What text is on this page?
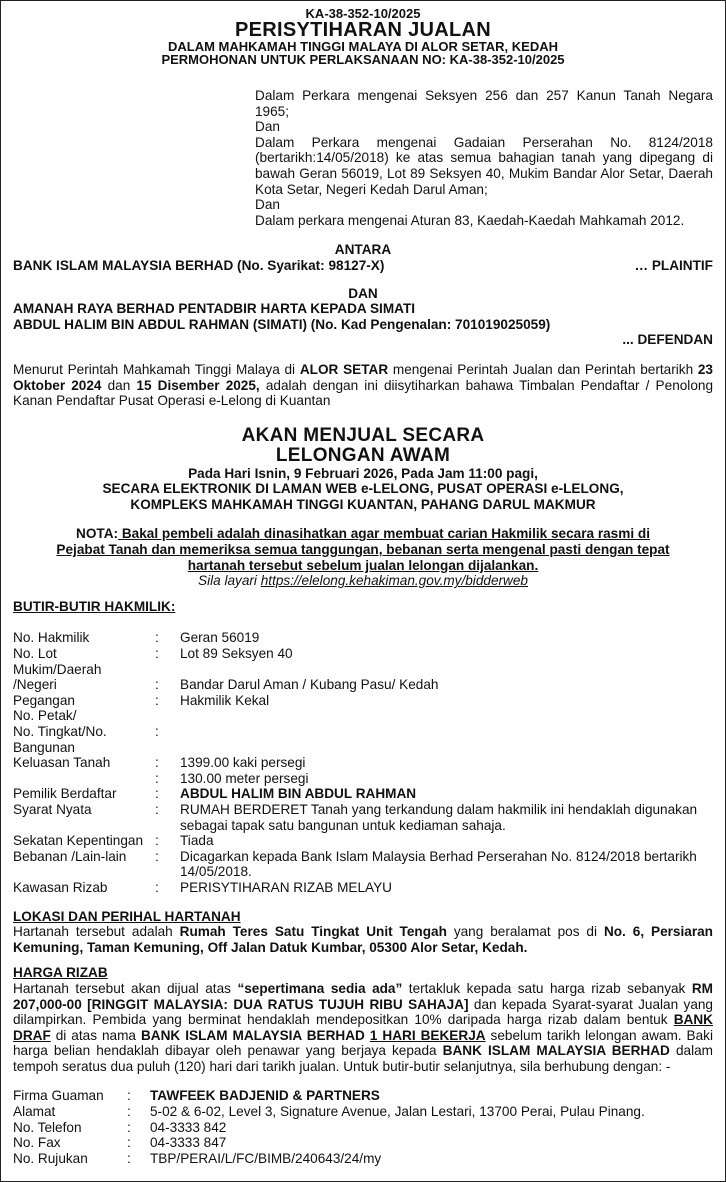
KA-38-352-10/2025
PERISYTIHARAN JUALAN
DALAM MAHKAMAH TINGGI MALAYA DI ALOR SETAR, KEDAH
PERMOHONAN UNTUK PERLAKSANAAN NO: KA-38-352-10/2025
Dalam Perkara mengenai Seksyen 256 dan 257 Kanun Tanah Negara 1965;
Dan
Dalam Perkara mengenai Gadaian Perserahan No. 8124/2018 (bertarikh:14/05/2018) ke atas semua bahagian tanah yang dipegang di bawah Geran 56019, Lot 89 Seksyen 40, Mukim Bandar Alor Setar, Daerah Kota Setar, Negeri Kedah Darul Aman;
Dan
Dalam perkara mengenai Aturan 83, Kaedah-Kaedah Mahkamah 2012.
ANTARA
BANK ISLAM MALAYSIA BERHAD (No. Syarikat: 98127-X)	… PLAINTIF
DAN
AMANAH RAYA BERHAD PENTADBIR HARTA KEPADA SIMATI
ABDUL HALIM BIN ABDUL RAHMAN (SIMATI) (No. Kad Pengenalan: 701019025059)
... DEFENDAN
Menurut Perintah Mahkamah Tinggi Malaya di ALOR SETAR mengenai Perintah Jualan dan Perintah bertarikh 23 Oktober 2024 dan 15 Disember 2025, adalah dengan ini diisytiharkan bahawa Timbalan Pendaftar / Penolong Kanan Pendaftar Pusat Operasi e-Lelong di Kuantan
AKAN MENJUAL SECARA
LELONGAN AWAM
Pada Hari Isnin, 9 Februari 2026, Pada Jam 11:00 pagi,
SECARA ELEKTRONIK DI LAMAN WEB e-LELONG, PUSAT OPERASI e-LELONG,
KOMPLEKS MAHKAMAH TINGGI KUANTAN, PAHANG DARUL MAKMUR
NOTA: Bakal pembeli adalah dinasihatkan agar membuat carian Hakmilik secara rasmi di
Pejabat Tanah dan memeriksa semua tanggungan, bebanan serta mengenal pasti dengan tepat
hartanah tersebut sebelum jualan lelongan dijalankan.
Sila layari https://elelong.kehakiman.gov.my/bidderweb
BUTIR-BUTIR HAKMILIK:
No. Hakmilik	:	Geran 56019
No. Lot	:	Lot 89 Seksyen 40
Mukim/Daerah		
/Negeri	:	Bandar Darul Aman / Kubang Pasu/ Kedah
Pegangan	:	Hakmilik Kekal
No. Petak/		
No. Tingkat/No.	:	
Bangunan		
Keluasan Tanah	:	1399.00 kaki persegi
	:	130.00 meter persegi
Pemilik Berdaftar	:	ABDUL HALIM BIN ABDUL RAHMAN
Syarat Nyata	:	RUMAH BERDERET Tanah yang terkandung dalam hakmilik ini hendaklah digunakan sebagai tapak satu bangunan untuk kediaman sahaja.
Sekatan Kepentingan	:	Tiada
Bebanan /Lain-lain	:	Dicagarkan kepada Bank Islam Malaysia Berhad Perserahan No. 8124/2018 bertarikh 14/05/2018.
Kawasan Rizab	:	PERISYTIHARAN RIZAB MELAYU
LOKASI DAN PERIHAL HARTANAH
Hartanah tersebut adalah Rumah Teres Satu Tingkat Unit Tengah yang beralamat pos di No. 6, Persiaran Kemuning, Taman Kemuning, Off Jalan Datuk Kumbar, 05300 Alor Setar, Kedah.
HARGA RIZAB
Hartanah tersebut akan dijual atas “sepertimana sedia ada” tertakluk kepada satu harga rizab sebanyak RM 207,000-00 [RINGGIT MALAYSIA: DUA RATUS TUJUH RIBU SAHAJA] dan kepada Syarat-syarat Jualan yang dilampirkan. Pembida yang berminat hendaklah mendepositkan 10% daripada harga rizab dalam bentuk BANK DRAF di atas nama BANK ISLAM MALAYSIA BERHAD 1 HARI BEKERJA sebelum tarikh lelongan awam. Baki harga belian hendaklah dibayar oleh penawar yang berjaya kepada BANK ISLAM MALAYSIA BERHAD dalam tempoh seratus dua puluh (120) hari dari tarikh jualan. Untuk butir-butir selanjutnya, sila berhubung dengan: -
Firma Guaman	:	TAWFEEK BADJENID & PARTNERS
Alamat	:	5-02 & 6-02, Level 3, Signature Avenue, Jalan Lestari, 13700 Perai, Pulau Pinang.
No. Telefon	:	04-3333 842
No. Fax	:	04-3333 847
No. Rujukan	:	TBP/PERAI/L/FC/BIMB/240643/24/my
